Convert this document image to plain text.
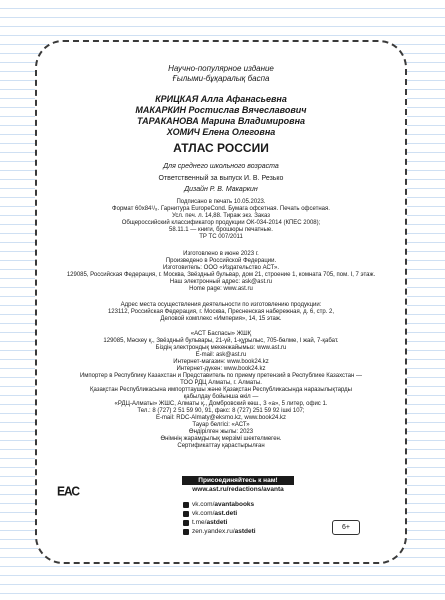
Научно-популярное издание
Ғылыми-бұқаралық баспа
КРИЦКАЯ Алла Афанасьевна
МАКАРКИН Ростислав Вячеславович
ТАРАКАНОВА Марина Владимировна
ХОМИЧ Елена Олеговна
АТЛАС РОССИИ
Для среднего школьного возраста
Ответственный за выпуск И. В. Резько
Дизайн Р. В. Макаркин
Подписано в печать 10.05.2023.
Формат 60x84¹/₈. Гарнитура EuropeCond. Бумага офсетная. Печать офсетная.
Усл. печ. л. 14,88. Тираж экз. Заказ
Общероссийский классификатор продукции ОК-034-2014 (КПЕС 2008);
58.11.1 — книги, брошюры печатные.
ТР ТС 007/2011
Изготовлено в июне 2023 г.
Произведено в Российской Федерации.
Изготовитель: ООО «Издательство АСТ».
129085, Российская Федерация, г. Москва, Звёздный бульвар, дом 21, строение 1, комната 705, пом. I, 7 этаж.
Наш электронный адрес: ask@ast.ru
Home page: www.ast.ru
Адрес места осуществления деятельности по изготовлению продукции:
123112, Российская Федерация, г. Москва, Пресненская набережная, д. 6, стр. 2,
Деловой комплекс «Империя», 14, 15 этаж.
«АСТ Баспасы» ЖШҚ
129085, Мәскеу қ., Звёздный бульвары, 21-үй, 1-құрылыс, 705-бөлме, I жай, 7-қабат.
Біздің электрондық мекенжайымыз: www.ast.ru
E-mail: ask@ast.ru
Интернет-магазин: www.book24.kz
Интернет-дүкен: www.book24.kz
Импортер в Республику Казахстан и Представитель по приему претензий в Республике Казахстан —
ТОО РДЦ Алматы, г. Алматы.
Қазақстан Республикасына импорттаушы және Қазақстан Республикасында наразылықтарды
қабылдау бойынша өкіл —
«РДЦ-Алматы» ЖШС, Алматы қ., Домбровский көш., 3 «а», 5 литер, офис 1.
Тел.: 8 (727) 2 51 59 90, 91, факс: 8 (727) 251 59 92 ішкі 107;
E-mail: RDC-Almaty@eksmo.kz, www.book24.kz
Тауар белгісі: «АСТ»
Өндірілген жылы: 2023
Өнімнің жарамдылық мерзімі шектелмеген.
Сертификаттау қарастырылған
ЕАС
Присоединяйтесь к нам!
www.ast.ru/redactions/avanta
vk.com/ avantabooks
vk.com/ ast.deti
t.me/ astdeti
zen.yandex.ru/ astdeti
6+
